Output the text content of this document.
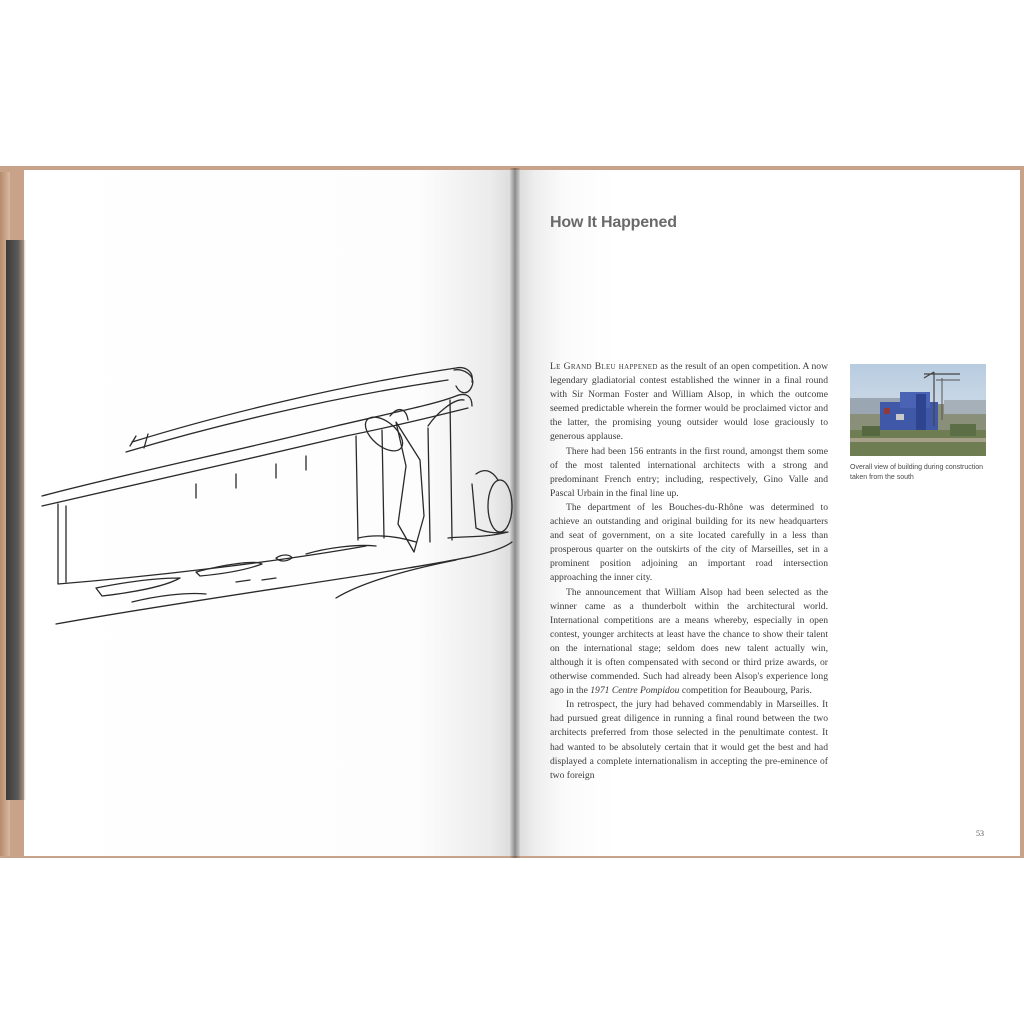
How It Happened

Le Grand Bleu happened as the result of an open competition. A now legendary gladiatorial contest established the winner in a final round with Sir Norman Foster and William Alsop, in which the outcome seemed predictable wherein the former would be proclaimed victor and the latter, the promising young outsider would lose graciously to generous applause.

There had been 156 entrants in the first round, amongst them some of the most talented international architects with a strong and predominant French entry; including, respectively, Gino Valle and Pascal Urbain in the final line up.

The department of les Bouches-du-Rhône was determined to achieve an outstanding and original building for its new headquarters and seat of government, on a site located carefully in a less than prosperous quarter on the outskirts of the city of Marseilles, set in a prominent position adjoining an important road intersection approaching the inner city.

The announcement that William Alsop had been selected as the winner came as a thunderbolt within the architectural world. International competitions are a means whereby, especially in open contest, younger architects at least have the chance to show their talent on the international stage; seldom does new talent actually win, although it is often compensated with second or third prize awards, or otherwise commended. Such had already been Alsop's experience long ago in the 1971 Centre Pompidou competition for Beaubourg, Paris.

In retrospect, the jury had behaved commendably in Marseilles. It had pursued great diligence in running a final round between the two architects preferred from those selected in the penultimate contest. It had wanted to be absolutely certain that it would get the best and had displayed a complete internationalism in accepting the pre-eminence of two foreign

Overall view of building during construction taken from the south
53
